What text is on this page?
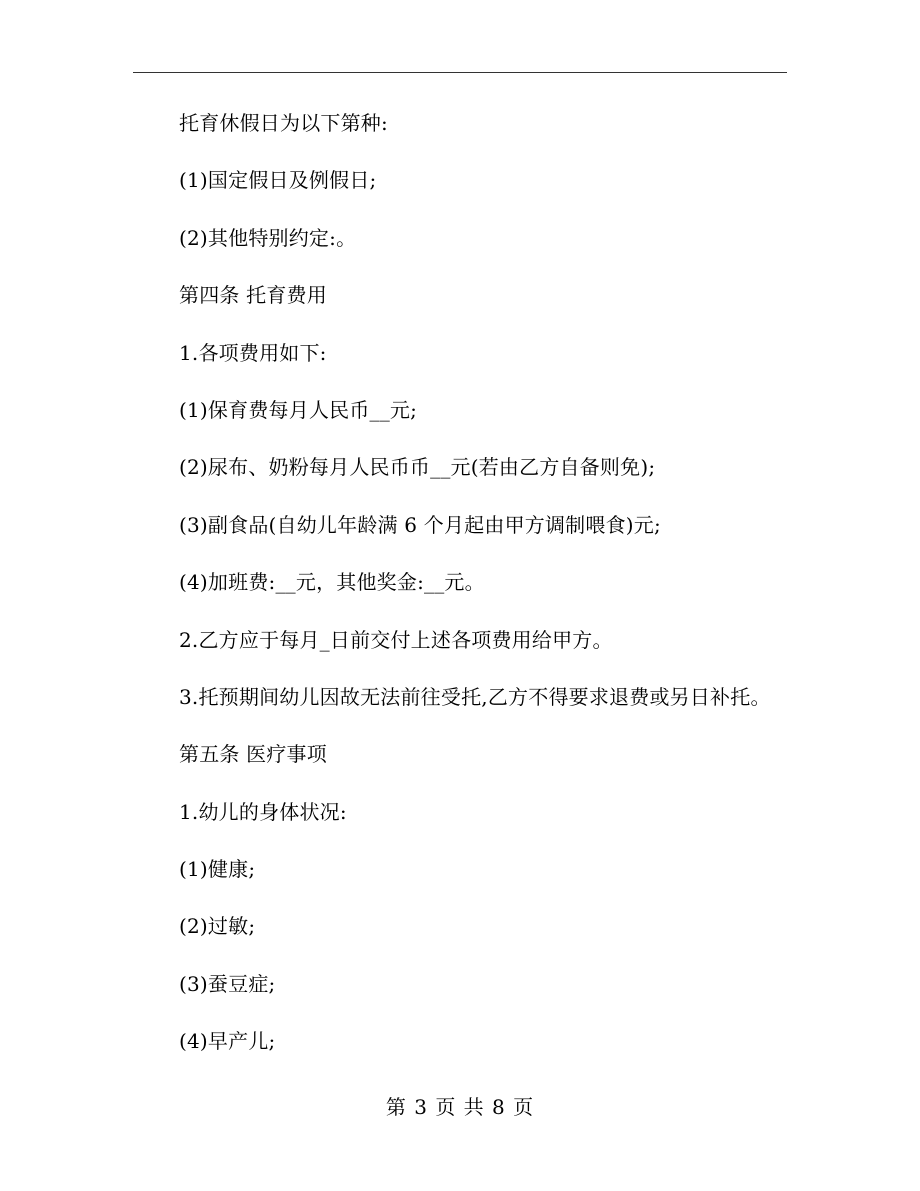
托育休假日为以下第种:
(1)国定假日及例假日;
(2)其他特别约定:。
第四条 托育费用
1.各项费用如下:
(1)保育费每月人民币__元;
(2)尿布、奶粉每月人民币币__元(若由乙方自备则免);
(3)副食品(自幼儿年龄满 6 个月起由甲方调制喂食)元;
(4)加班费:__元，其他奖金:__元。
2.乙方应于每月_日前交付上述各项费用给甲方。
3.托预期间幼儿因故无法前往受托,乙方不得要求退费或另日补托。
第五条 医疗事项
1.幼儿的身体状况:
(1)健康;
(2)过敏;
(3)蚕豆症;
(4)早产儿;
第 3 页 共 8 页
